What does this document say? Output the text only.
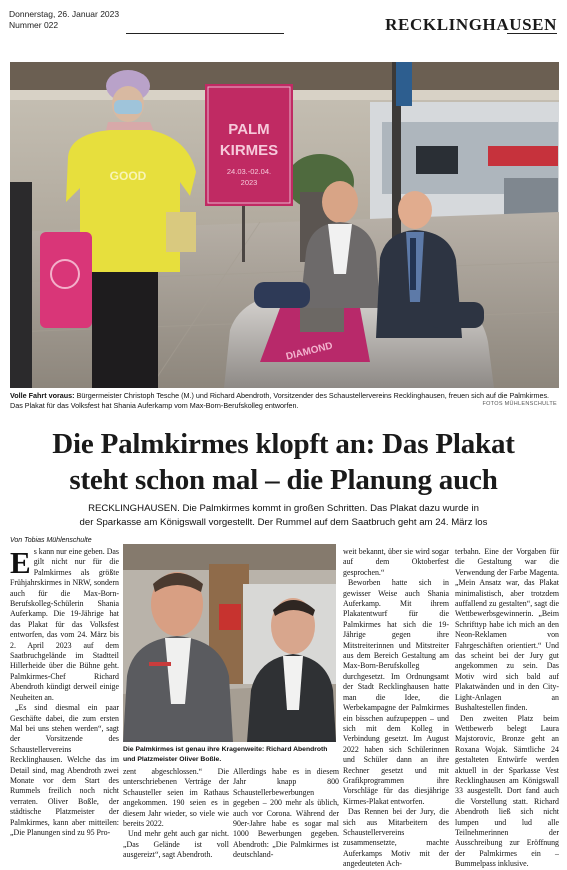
Donnerstag, 26. Januar 2023
Nummer 022	RECKLINGHAUSEN
PALM
KIRMES
24.03.-02.04.
2023
GOOD
DIAMOND
Volle Fahrt voraus: Bürgermeister Christoph Tesche (M.) und Richard Abendroth, Vorsitzender des Schaustellervereins Recklinghausen, freuen sich auf die Palmkirmes. Das Plakat für das Volksfest hat Shania Auferkamp vom Max-Born-Berufskolleg entworfen.	FOTOS MÜHLENSCHULTE
Die Palmkirmes klopft an: Das Plakat
steht schon mal – die Planung auch
RECKLINGHAUSEN. Die Palmkirmes kommt in großen Schritten. Das Plakat dazu wurde in
der Sparkasse am Königswall vorgestellt. Der Rummel auf dem Saatbruch geht am 24. März los
Von Tobias Mühlenschulte

Es kann nur eine geben. Das gilt nicht nur für die Palmkirmes als größte Frühjahrskirmes in NRW, sondern auch für die Max-Born-Berufskolleg-Schülerin Shania Auferkamp. Die 19-Jährige hat das Plakat für das Volksfest entworfen, das vom 24. März bis 2. April 2023 auf dem Saatbruchgelände im Stadtteil Hillerheide über die Bühne geht. Palmkirmes-Chef Richard Abendroth kündigt derweil einige Neuheiten an.

„Es sind diesmal ein paar Geschäfte dabei, die zum ersten Mal bei uns stehen werden“, sagt der Vorsitzende des Schaustellervereins Recklinghausen. Welche das im Detail sind, mag Abendroth zwei Monate vor dem Start des Rummels freilich noch nicht verraten. Oliver Boßle, der städtische Platzmeister der Palmkirmes, kann aber mitteilen: „Die Planungen sind zu 95 Pro-

Die Palmkirmes ist genau ihre Kragenweite: Richard Abendroth und Platzmeister Oliver Boßle.

zent abgeschlossen.“ Die unterschriebenen Verträge der Schausteller seien im Rathaus angekommen. 190 seien es in diesem Jahr wieder, so viele wie bereits 2022.

Und mehr geht auch gar nicht. „Das Gelände ist voll ausgereizt“, sagt Abendroth.

Allerdings habe es in diesem Jahr knapp 800 Schaustellerbewerbungen gegeben – 200 mehr als üblich, auch vor Corona. Während der 90er-Jahre habe es sogar mal 1000 Bewerbungen gegeben. Abendroth: „Die Palmkirmes ist deutschland-

weit bekannt, über sie wird sogar auf dem Oktoberfest gesprochen.“

Beworben hatte sich in gewisser Weise auch Shania Auferkamp. Mit ihrem Plakatentwurf für die Palmkirmes hat sich die 19-Jährige gegen ihre Mitstreiterinnen und Mitstreiter aus dem Bereich Gestaltung am Max-Born-Berufskolleg durchgesetzt. Im Ordnungsamt der Stadt Recklinghausen hatte man die Idee, die Werbekampagne der Palmkirmes ein bisschen aufzupeppen – und sich mit dem Kolleg in Verbindung gesetzt. Im August 2022 haben sich Schülerinnen und Schüler dann an ihre Rechner gesetzt und mit Grafikprogrammen ihre Vorschläge für das diesjährige Kirmes-Plakat entworfen.

Das Rennen bei der Jury, die sich aus Mitarbeitern des Schaustellervereins zusammensetzte, machte Auferkamps Motiv mit der angedeuteten Ach-

terbahn. Eine der Vorgaben für die Gestaltung war die Verwendung der Farbe Magenta. „Mein Ansatz war, das Plakat minimalistisch, aber trotzdem auffallend zu gestalten“, sagt die Wettbewerbsgewinnerin. „Beim Schrifttyp habe ich mich an den Neon-Reklamen von Fahrgeschäften orientiert.“ Und das scheint bei der Jury gut angekommen zu sein. Das Motiv wird sich bald auf Plakatwänden und in den City-Light-Anlagen an Bushaltestellen finden.

Den zweiten Platz beim Wettbewerb belegt Laura Majstorovic, Bronze geht an Roxana Wojak. Sämtliche 24 gestalteten Entwürfe werden aktuell in der Sparkasse Vest Recklinghausen am Königswall 33 ausgestellt. Dort fand auch die Vorstellung statt. Richard Abendroth ließ sich nicht lumpen und lud alle Teilnehmerinnen der Ausschreibung zur Eröffnung der Palmkirmes ein – Bummelpass inklusive.
